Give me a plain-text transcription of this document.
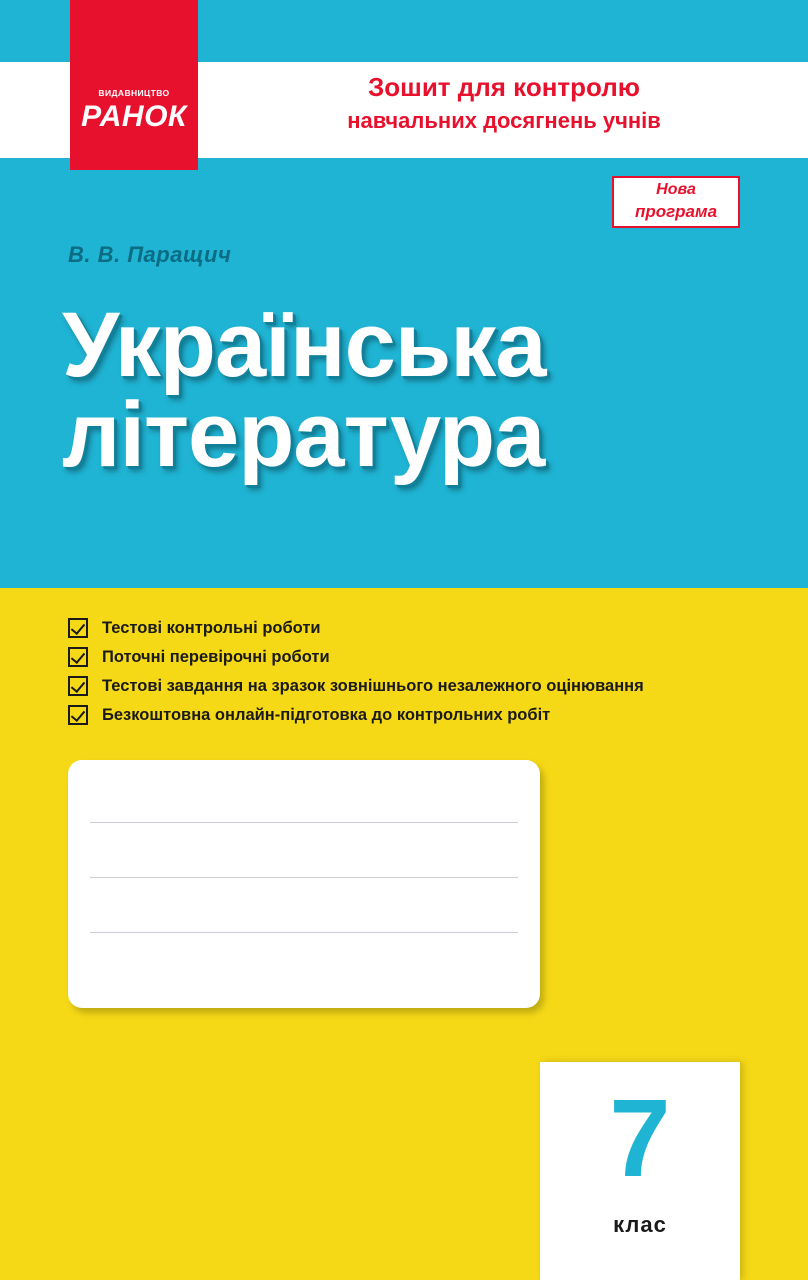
ВИДАВНИЦТВО
РАНОК
Зошит для контролю
навчальних досягнень учнів
Нова
програма
В. В. Паращич
Українська
література
Тестові контрольні роботи
Поточні перевірочні роботи
Тестові завдання на зразок зовнішнього незалежного оцінювання
Безкоштовна онлайн-підготовка до контрольних робіт
7
клас
